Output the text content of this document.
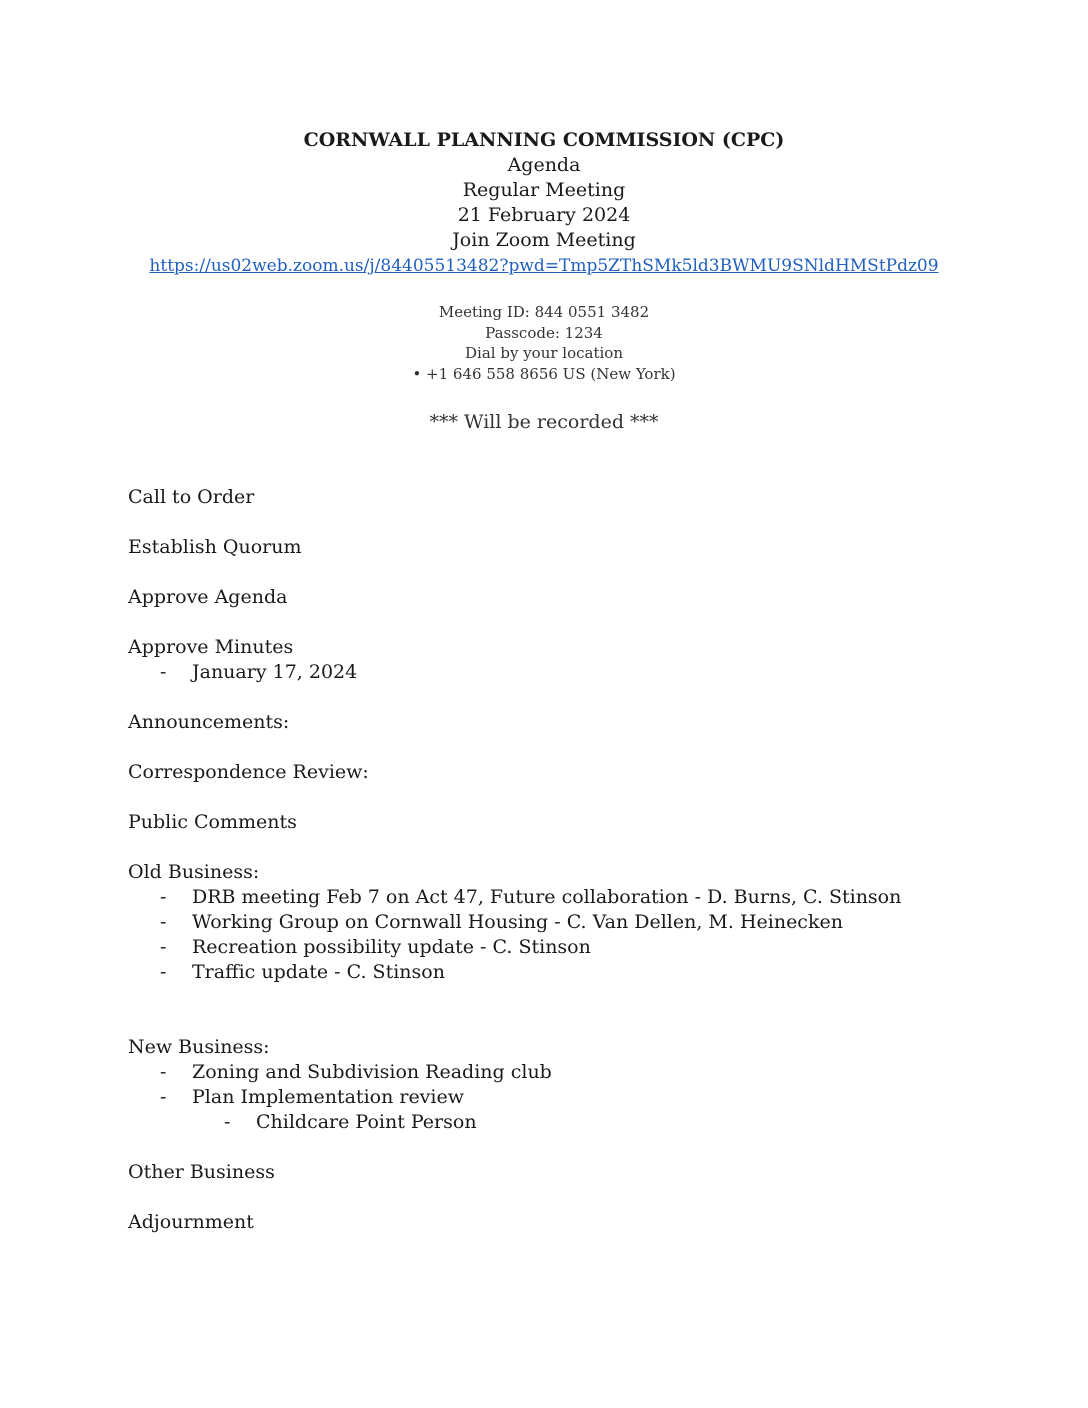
CORNWALL PLANNING COMMISSION (CPC)
Agenda
Regular Meeting
21 February 2024
Join Zoom Meeting
https://us02web.zoom.us/j/84405513482?pwd=Tmp5ZThSMk5ld3BWMU9SNldHMStPdz09
Meeting ID: 844 0551 3482
Passcode: 1234
Dial by your location
• +1 646 558 8656 US (New York)
*** Will be recorded ***
Call to Order
Establish Quorum
Approve Agenda
Approve Minutes
- January 17, 2024
Announcements:
Correspondence Review:
Public Comments
Old Business:
- DRB meeting Feb 7 on Act 47, Future collaboration - D. Burns, C. Stinson
- Working Group on Cornwall Housing - C. Van Dellen, M. Heinecken
- Recreation possibility update - C. Stinson
- Traffic update - C. Stinson
New Business:
- Zoning and Subdivision Reading club
- Plan Implementation review
- Childcare Point Person
Other Business
Adjournment
